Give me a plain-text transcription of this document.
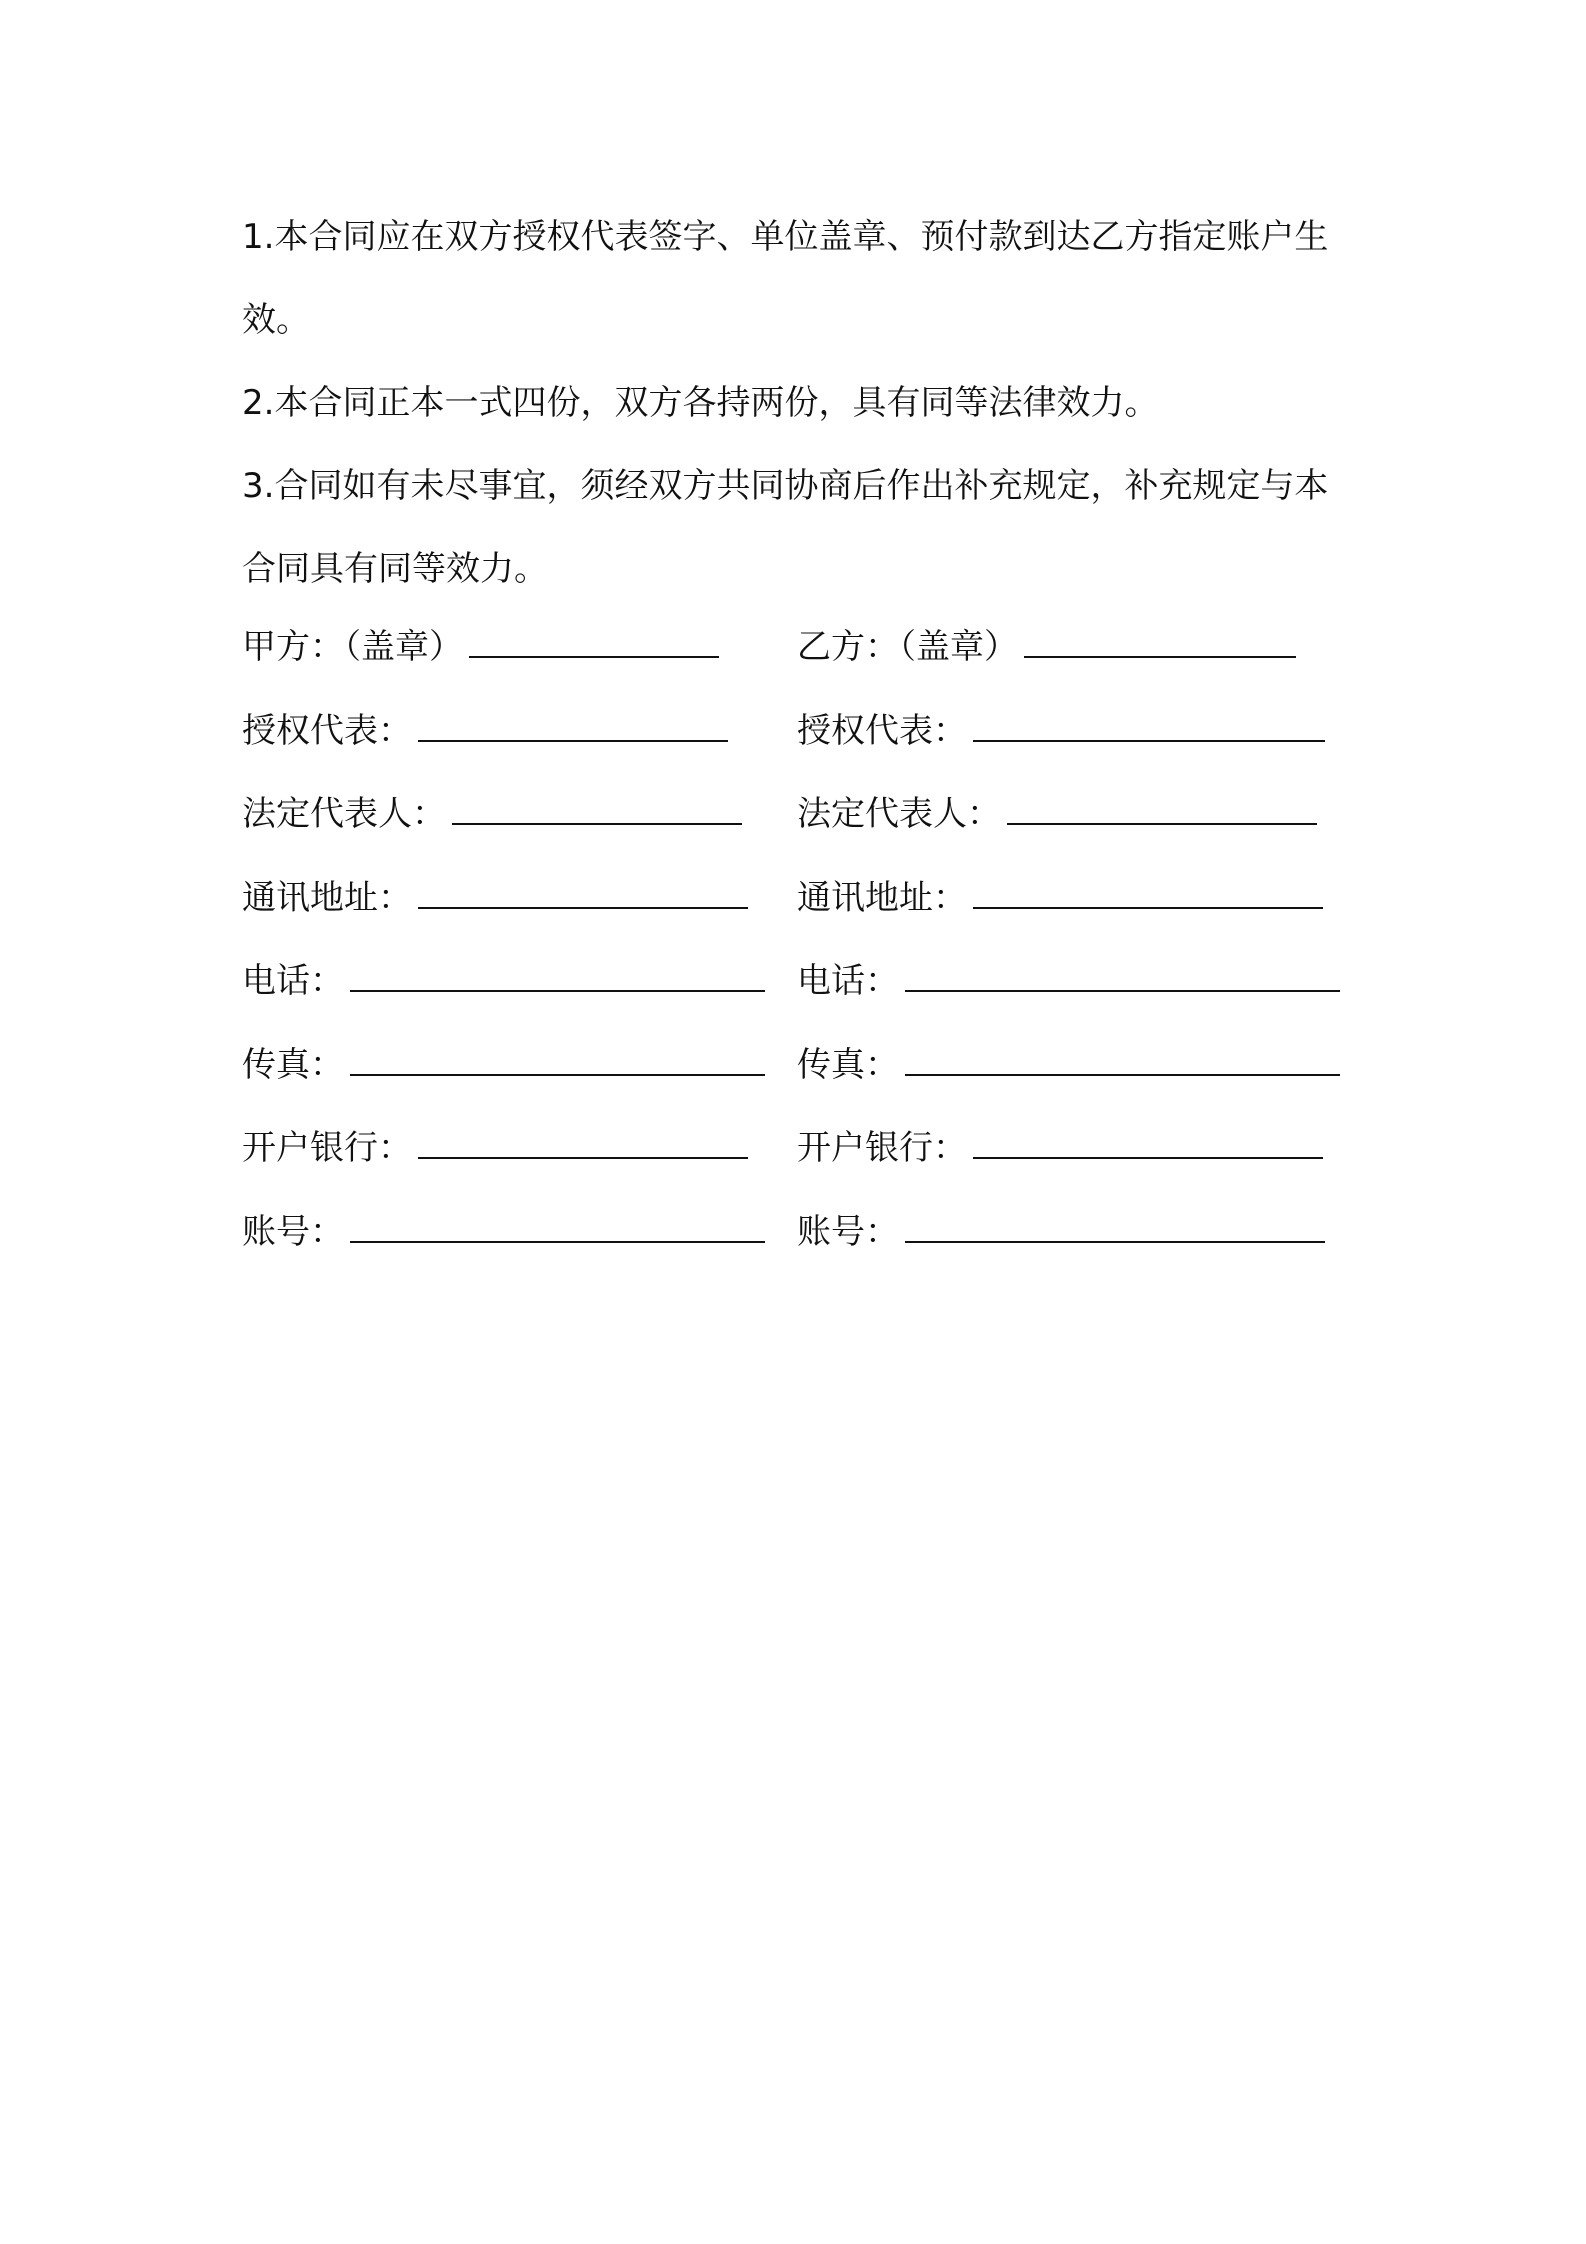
1.本合同应在双方授权代表签字、单位盖章、预付款到达乙方指定账户生效。

2.本合同正本一式四份，双方各持两份，具有同等法律效力。

3.合同如有未尽事宜，须经双方共同协商后作出补充规定，补充规定与本合同具有同等效力。

甲方：（盖章）	乙方：（盖章）
授权代表：	授权代表：
法定代表人：	法定代表人：
通讯地址：	通讯地址：
电话：	电话：
传真：	传真：
开户银行：	开户银行：
账号：	账号：
